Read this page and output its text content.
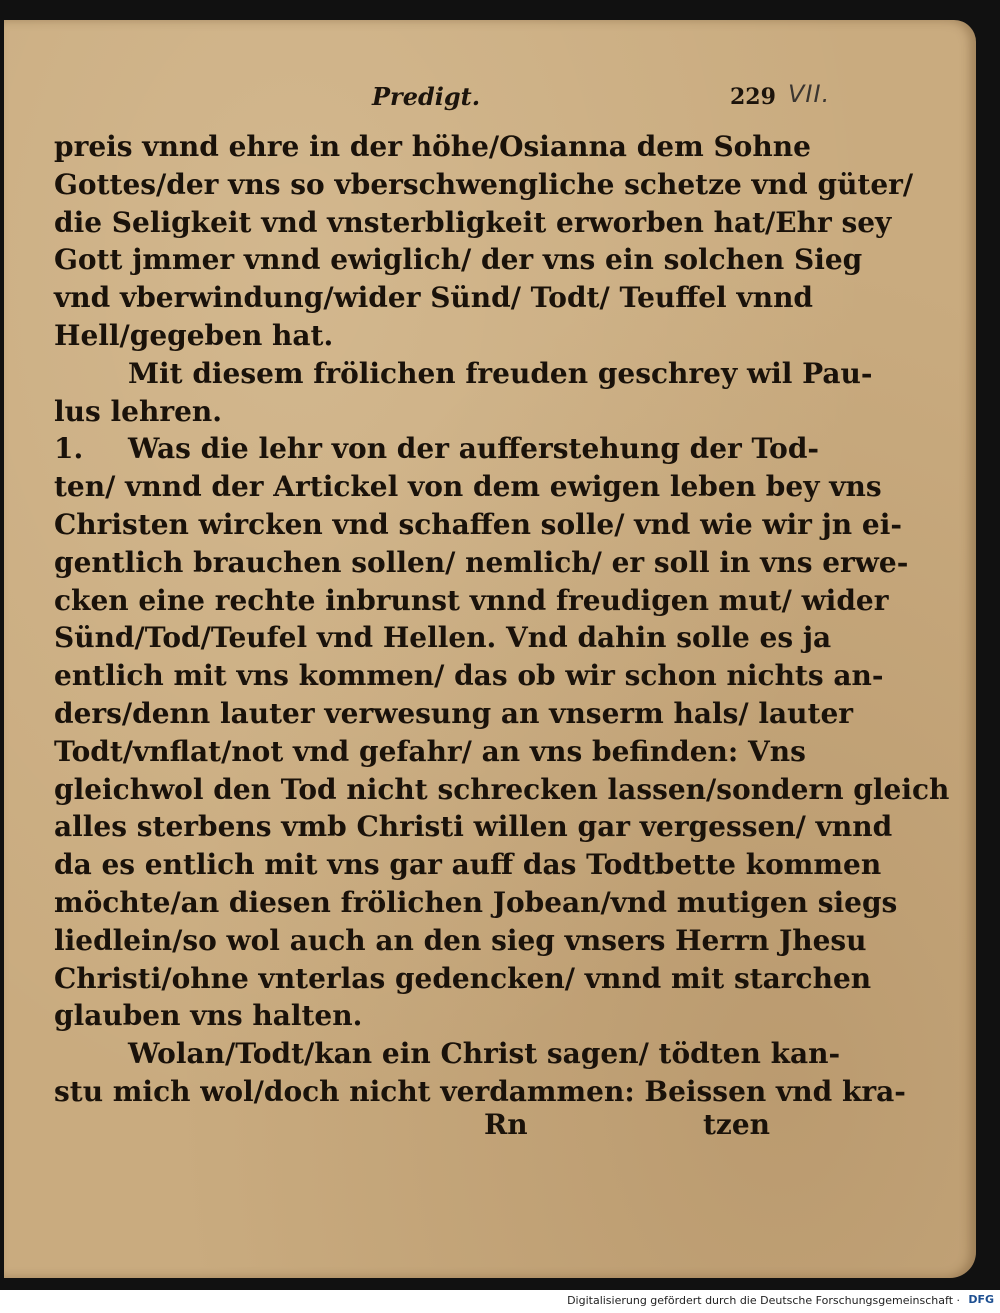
Predigt.	229 VII.
preis vnnd ehre in der höhe/Osianna dem Sohne
Gottes/der vns so vberschwengliche schetze vnd güter/
die Seligkeit vnd vnsterbligkeit erworben hat/Ehr sey
Gott jmmer vnnd ewiglich/ der vns ein solchen Sieg
vnd vberwindung/wider Sünd/ Todt/ Teuffel vnnd
Hell/gegeben hat.
Mit diesem frölichen freuden geschrey wil Pau-
lus lehren.
1. Was die lehr von der aufferstehung der Tod-
ten/ vnnd der Artickel von dem ewigen leben bey vns
Christen wircken vnd schaffen solle/ vnd wie wir jn ei-
gentlich brauchen sollen/ nemlich/ er soll in vns erwe-
cken eine rechte inbrunst vnnd freudigen mut/ wider
Sünd/Tod/Teufel vnd Hellen. Vnd dahin solle es ja
entlich mit vns kommen/ das ob wir schon nichts an-
ders/denn lauter verwesung an vnserm hals/ lauter
Todt/vnflat/not vnd gefahr/ an vns befinden: Vns
gleichwol den Tod nicht schrecken lassen/sondern gleich
alles sterbens vmb Christi willen gar vergessen/ vnnd
da es entlich mit vns gar auff das Todtbette kommen
möchte/an diesen frölichen Jobean/vnd mutigen siegs
liedlein/so wol auch an den sieg vnsers Herrn Jhesu
Christi/ohne vnterlas gedencken/ vnnd mit starchen
glauben vns halten.
Wolan/Todt/kan ein Christ sagen/ tödten kan-
stu mich wol/doch nicht verdammen: Beissen vnd kra-
Rn	tzen
Digitalisierung gefördert durch die Deutsche Forschungsgemeinschaft · DFG
